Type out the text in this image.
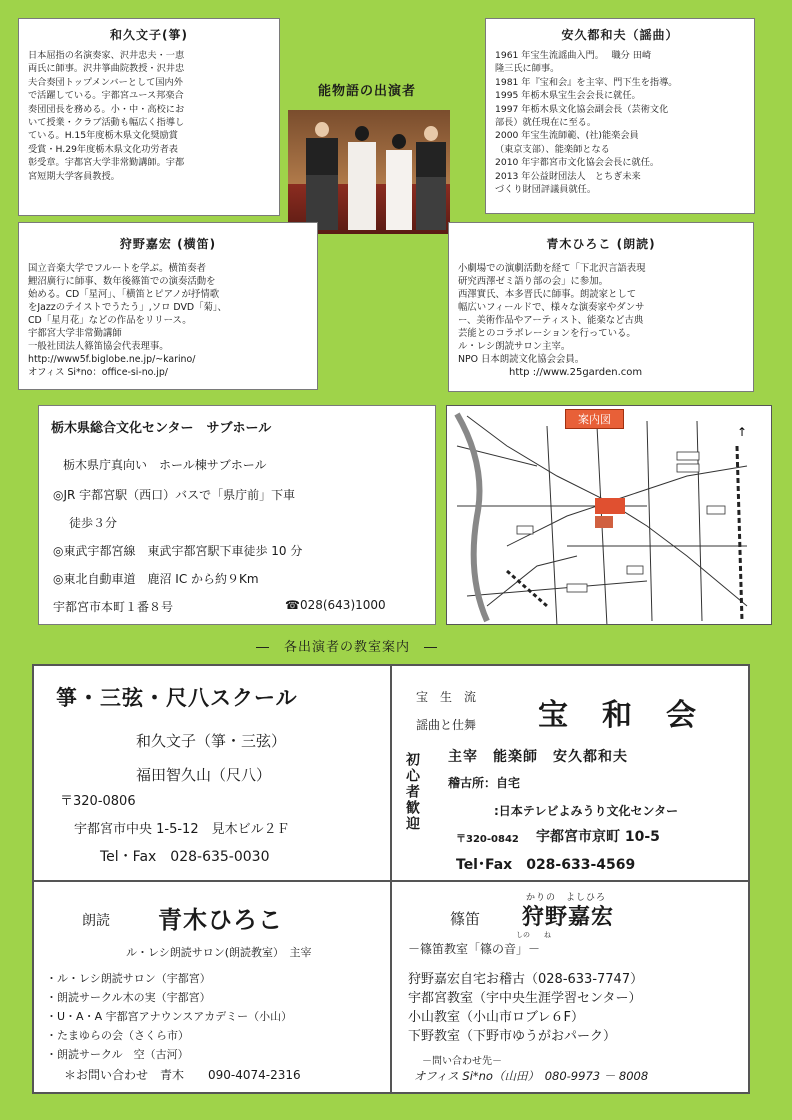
和久文子(箏)
日本屈指の名演奏家、沢井忠夫・一恵
両氏に師事。沢井箏曲院教授・沢井忠
夫合奏団トップメンバーとして国内外
で活躍している。宇都宮ユース邦楽合
奏団団長を務める。小・中・高校にお
いて授業・クラブ活動も幅広く指導し
ている。H.15年度栃木県文化奨励賞
受賞・H.29年度栃木県文化功労者表
彰受章。宇都宮大学非常勤講師。宇都
宮短期大学客員教授。
安久都和夫（謡曲）
1961 年宝生流謡曲入門。　 職分 田崎
隆三氏に師事。
1981 年『宝和会』を主宰、門下生を指導。
1995 年栃木県宝生会会長に就任。
1997 年栃木県文化協会副会長（芸術文化
部長）就任現在に至る。
2000 年宝生流師範、(社)能楽会員
（東京支部）、能楽師となる
2010 年宇都宮市文化協会会長に就任。
2013 年公益財団法人　とちぎ未来
づくり財団評議員就任。
能物語の出演者
狩野嘉宏 (横笛)
国立音楽大学でフルートを学ぶ。横笛奏者
鯉沼廣行に師事、数年後篠笛での演奏活動を
始める。CD「星河」、「横笛とピアノが抒情歌
をJazzのテイストでうたう」,ソロ DVD「菊」、
CD「星月花」などの作品をリリース。
宇都宮大学非常勤講師
一般社団法人篠笛協会代表理事。
http://www5f.biglobe.ne.jp/~karino/
オフィス Si*no：office-si-no.jp/
青木ひろこ (朗読)
小劇場での演劇活動を経て「下北沢言語表現
研究西澤ゼミ語り部の会」に参加。
西澤實氏、本多晋氏に師事。朗読家として
幅広いフィールドで、様々な演奏家やダンサ
ー、美術作品やアーティスト、能楽など古典
芸能とのコラボレーションを行っている。
ル・レシ朗読サロン主宰。
NPO 日本朗読文化協会会員。
http ://www.25garden.com
栃木県総合文化センター　サブホール
栃木県庁真向い　ホール棟サブホール
◎JR 宇都宮駅（西口）バスで「県庁前」下車
徒歩３分
◎東武宇都宮線　東武宇都宮駅下車徒歩 10 分
◎東北自動車道　鹿沼 IC から約９Km
宇都宮市本町１番８号	☎028(643)1000
↑
案内図
―　各出演者の教室案内　―
箏・三弦・尺八スクール
和久文子（箏・三弦）
福田智久山（尺八）
〒320-0806
宇都宮市中央 1-5-12　見木ビル２Ｆ
Tel・Fax　028-635-0030
宝　生　流
謡曲と仕舞 宝　和　会
初心者歓迎 主宰　能楽師　安久都和夫
稽古所：自宅
:日本テレビよみうり文化センター
〒320-0842 宇都宮市京町 10-5
Tel･Fax　028-633-4569
朗読 青木ひろこ
ル・レシ朗読サロン(朗読教室）　主宰
・ル・レシ朗読サロン（宇都宮）
・朗読サークル木の実（宇都宮）
・U・A・A 宇都宮アナウンスアカデミー（小山）
・たまゆらの会（さくら市）
・朗読サークル　空（古河）
＊お問い合わせ　青木　　090-4074-2316
かりの　よしひろ
篠笛 狩野嘉宏
しの　　ね
－篠笛教室「篠の音」－
狩野嘉宏自宅お稽古（028-633-7747）
宇都宮教室（宇中央生涯学習センター）
小山教室（小山市ロブレ６F）
下野教室（下野市ゆうがおパーク）
－問い合わせ先－
オフィス Si*no（山田）　080-9973 － 8008
